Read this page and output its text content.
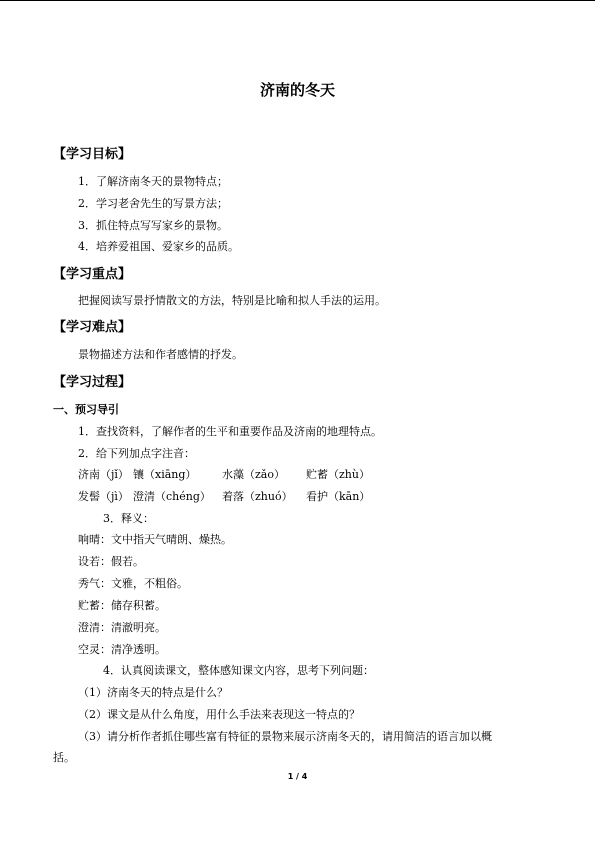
济南的冬天
【学习目标】
1．了解济南冬天的景物特点；
2．学习老舍先生的写景方法；
3．抓住特点写写家乡的景物。
4．培养爱祖国、爱家乡的品质。
【学习重点】
把握阅读写景抒情散文的方法，特别是比喻和拟人手法的运用。
【学习难点】
景物描述方法和作者感情的抒发。
【学习过程】
一、预习导引
1．查找资料，了解作者的生平和重要作品及济南的地理特点。
2．给下列加点字注音：
济南（jǐ） 镶（xiāng） 水藻（zǎo） 贮蓄（zhù）
发髻（jì） 澄清（chéng） 着落（zhuó） 看护（kān）
3．释义：
响晴：文中指天气晴朗、燥热。
设若：假若。
秀气：文雅，不粗俗。
贮蓄：储存积蓄。
澄清：清澈明亮。
空灵：清净透明。
4．认真阅读课文，整体感知课文内容，思考下列问题：
（1）济南冬天的特点是什么？
（2）课文是从什么角度，用什么手法来表现这一特点的？
（3）请分析作者抓住哪些富有特征的景物来展示济南冬天的，请用简洁的语言加以概
括。
1 / 4
